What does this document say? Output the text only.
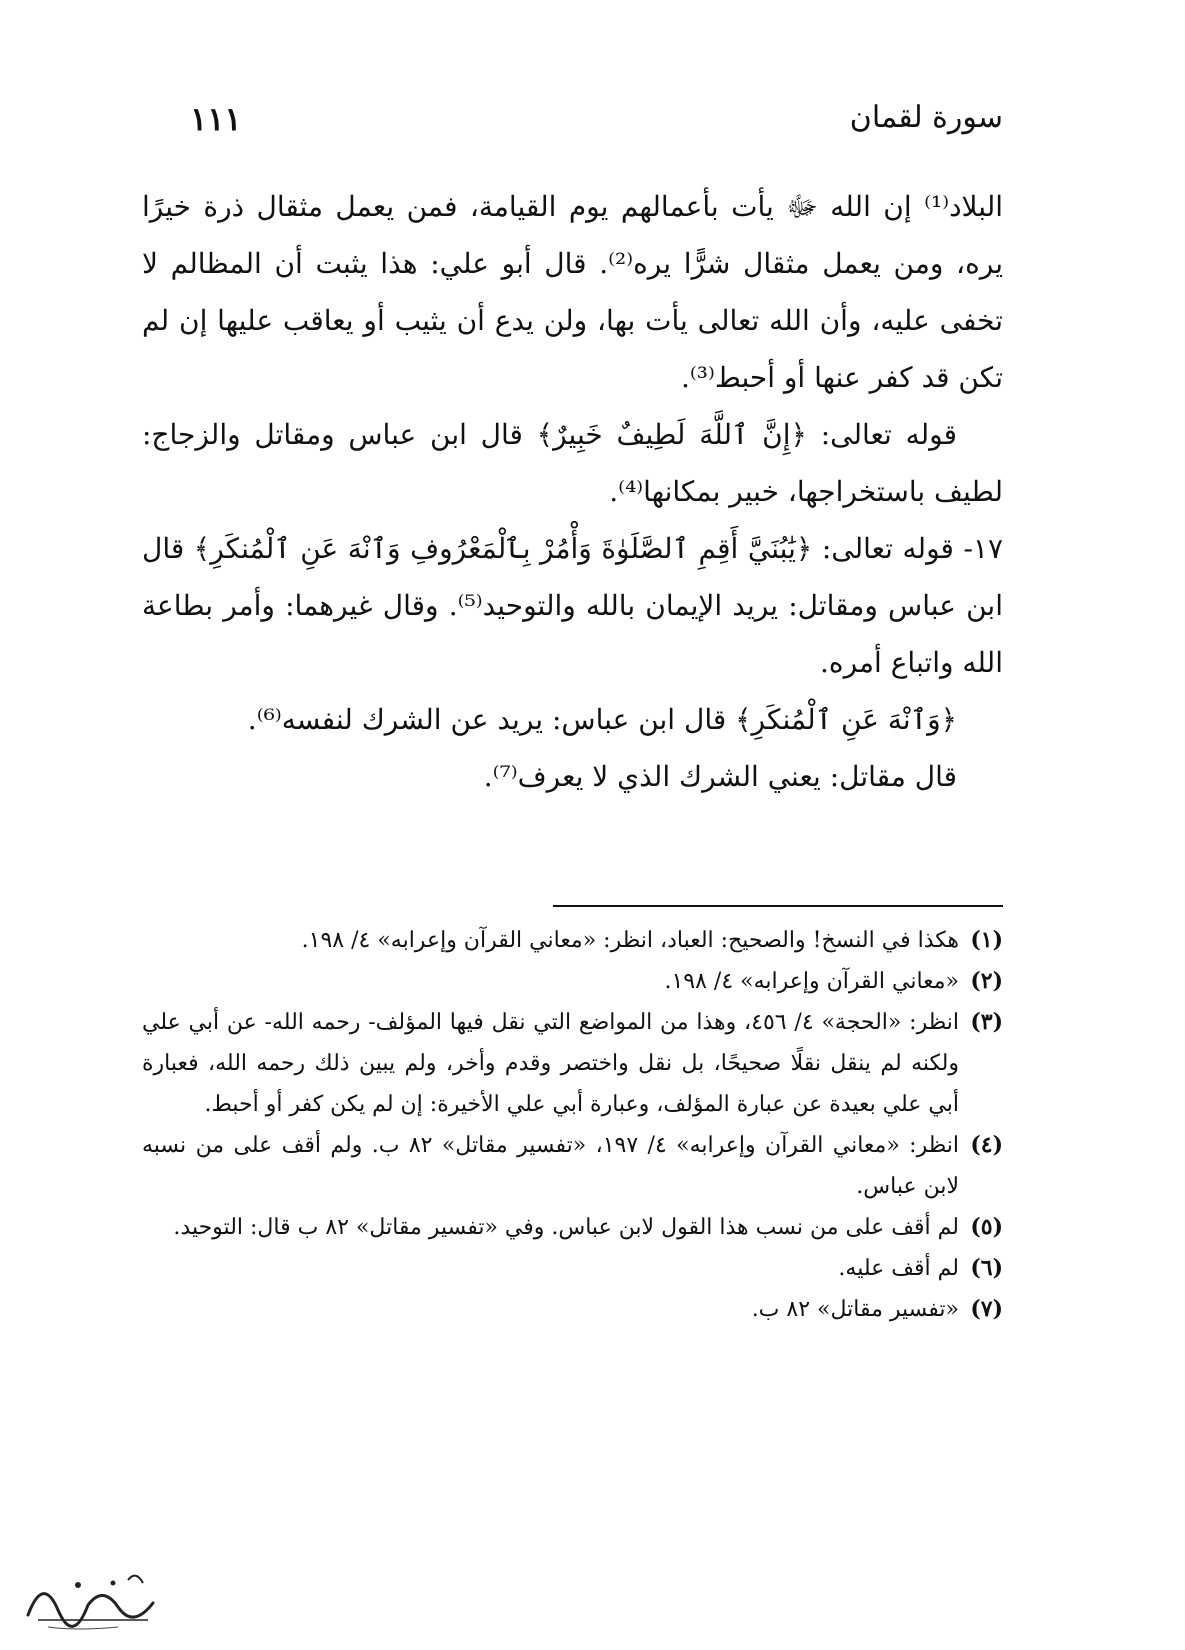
سورة لقمان
١١١

البلاد⁽¹⁾ إن الله ﷻ يأت بأعمالهم يوم القيامة، فمن يعمل مثقال ذرة خيرًا يره، ومن يعمل مثقال شرًّا يره⁽²⁾. قال أبو علي: هذا يثبت أن المظالم لا تخفى عليه، وأن الله تعالى يأت بها، ولن يدع أن يثيب أو يعاقب عليها إن لم تكن قد كفر عنها أو أحبط⁽³⁾.

قوله تعالى: ﴿إِنَّ ٱللَّهَ لَطِيفٌ خَبِيرٌ﴾ قال ابن عباس ومقاتل والزجاج: لطيف باستخراجها، خبير بمكانها⁽⁴⁾.

١٧- قوله تعالى: ﴿يَٰبُنَيَّ أَقِمِ ٱلصَّلَوٰةَ وَأْمُرْ بِٱلْمَعْرُوفِ وَٱنْهَ عَنِ ٱلْمُنكَرِ﴾ قال ابن عباس ومقاتل: يريد الإيمان بالله والتوحيد⁽⁵⁾. وقال غيرهما: وأمر بطاعة الله واتباع أمره.

﴿وَٱنْهَ عَنِ ٱلْمُنكَرِ﴾ قال ابن عباس: يريد عن الشرك لنفسه⁽⁶⁾.

قال مقاتل: يعني الشرك الذي لا يعرف⁽⁷⁾.

(١)
هكذا في النسخ! والصحيح: العباد، انظر: «معاني القرآن وإعرابه» ٤/ ١٩٨.
(٢)
«معاني القرآن وإعرابه» ٤/ ١٩٨.
(٣)
انظر: «الحجة» ٤/ ٤٥٦، وهذا من المواضع التي نقل فيها المؤلف- رحمه الله- عن أبي علي ولكنه لم ينقل نقلًا صحيحًا، بل نقل واختصر وقدم وأخر، ولم يبين ذلك رحمه الله، فعبارة أبي علي بعيدة عن عبارة المؤلف، وعبارة أبي علي الأخيرة: إن لم يكن كفر أو أحبط.
(٤)
انظر: «معاني القرآن وإعرابه» ٤/ ١٩٧، «تفسير مقاتل» ٨٢ ب. ولم أقف على من نسبه لابن عباس.
(٥)
لم أقف على من نسب هذا القول لابن عباس. وفي «تفسير مقاتل» ٨٢ ب قال: التوحيد.
(٦)
لم أقف عليه.
(٧)
«تفسير مقاتل» ٨٢ ب.
